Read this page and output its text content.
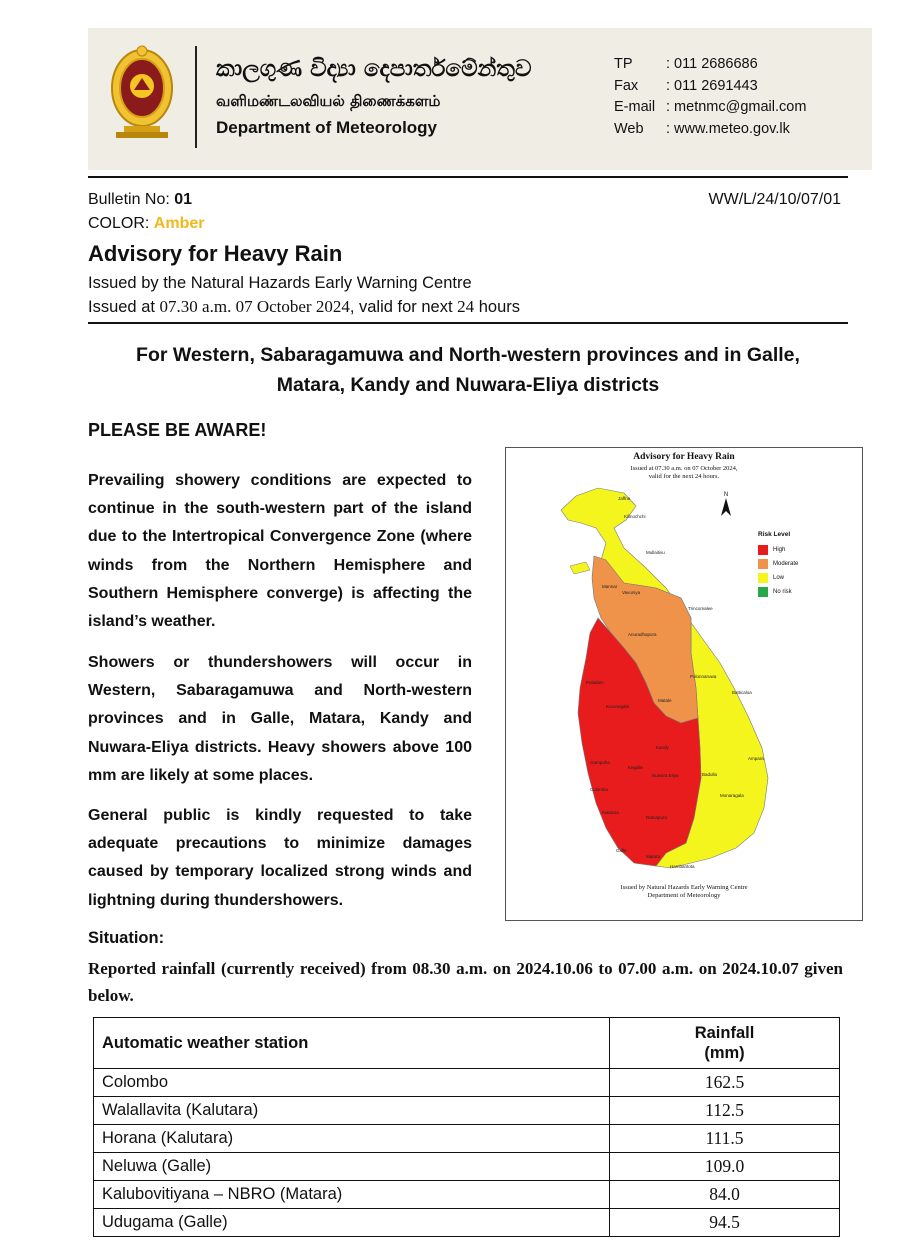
කාලගුණ විද්‍යා දෙපාර්තමේන්තුව
வளிமண்டலவியல் திணைக்களம்
Department of Meteorology
TP	: 011 2686686
Fax	: 011 2691443
E-mail : metnmc@gmail.com
Web	: www.meteo.gov.lk
Bulletin No: 01	WW/L/24/10/07/01
COLOR: Amber
Advisory for Heavy Rain
Issued by the Natural Hazards Early Warning Centre
Issued at 07.30 a.m. 07 October 2024, valid for next 24 hours
For Western, Sabaragamuwa and North-western provinces and in Galle,
Matara, Kandy and Nuwara-Eliya districts
PLEASE BE AWARE!
Prevailing showery conditions are expected to continue in the south-western part of the island due to the Intertropical Convergence Zone (where winds from the Northern Hemisphere and Southern Hemisphere converge) is affecting the island’s weather.
Showers or thundershowers will occur in Western, Sabaragamuwa and North-western provinces and in Galle, Matara, Kandy and Nuwara-Eliya districts. Heavy showers above 100 mm are likely at some places.
General public is kindly requested to take adequate precautions to minimize damages caused by temporary localized strong winds and lightning during thundershowers.
Advisory for Heavy Rain
Issued at 07.30 a.m. on 07 October 2024,
valid for the next 24 hours.
N
Risk Level
High
Moderate
Low
No risk
Jaffna
Kilinochchi
Mullaitivu
Mannar
Vavuniya
Trincomalee
Anuradhapura
Polonnaruwa
Puttalam
Kurunegala
Matale
Batticaloa
Kandy
Ampara
Gampaha
Kegalle
Colombo
Nuwara Eliya	Badulla
Kalutara
Ratnapura
Monaragala
Galle
Hambantota
Matara
Issued by Natural Hazards Early Warning Centre
Department of Meteorology
Situation:
Reported rainfall (currently received) from 08.30 a.m. on 2024.10.06 to 07.00 a.m. on 2024.10.07 given below.
Automatic weather station	Rainfall
(mm)

Colombo	162.5
Walallavita (Kalutara)	112.5
Horana (Kalutara)	111.5
Neluwa (Galle)	109.0
Kalubovitiyana – NBRO (Matara)	84.0
Udugama (Galle)	94.5
